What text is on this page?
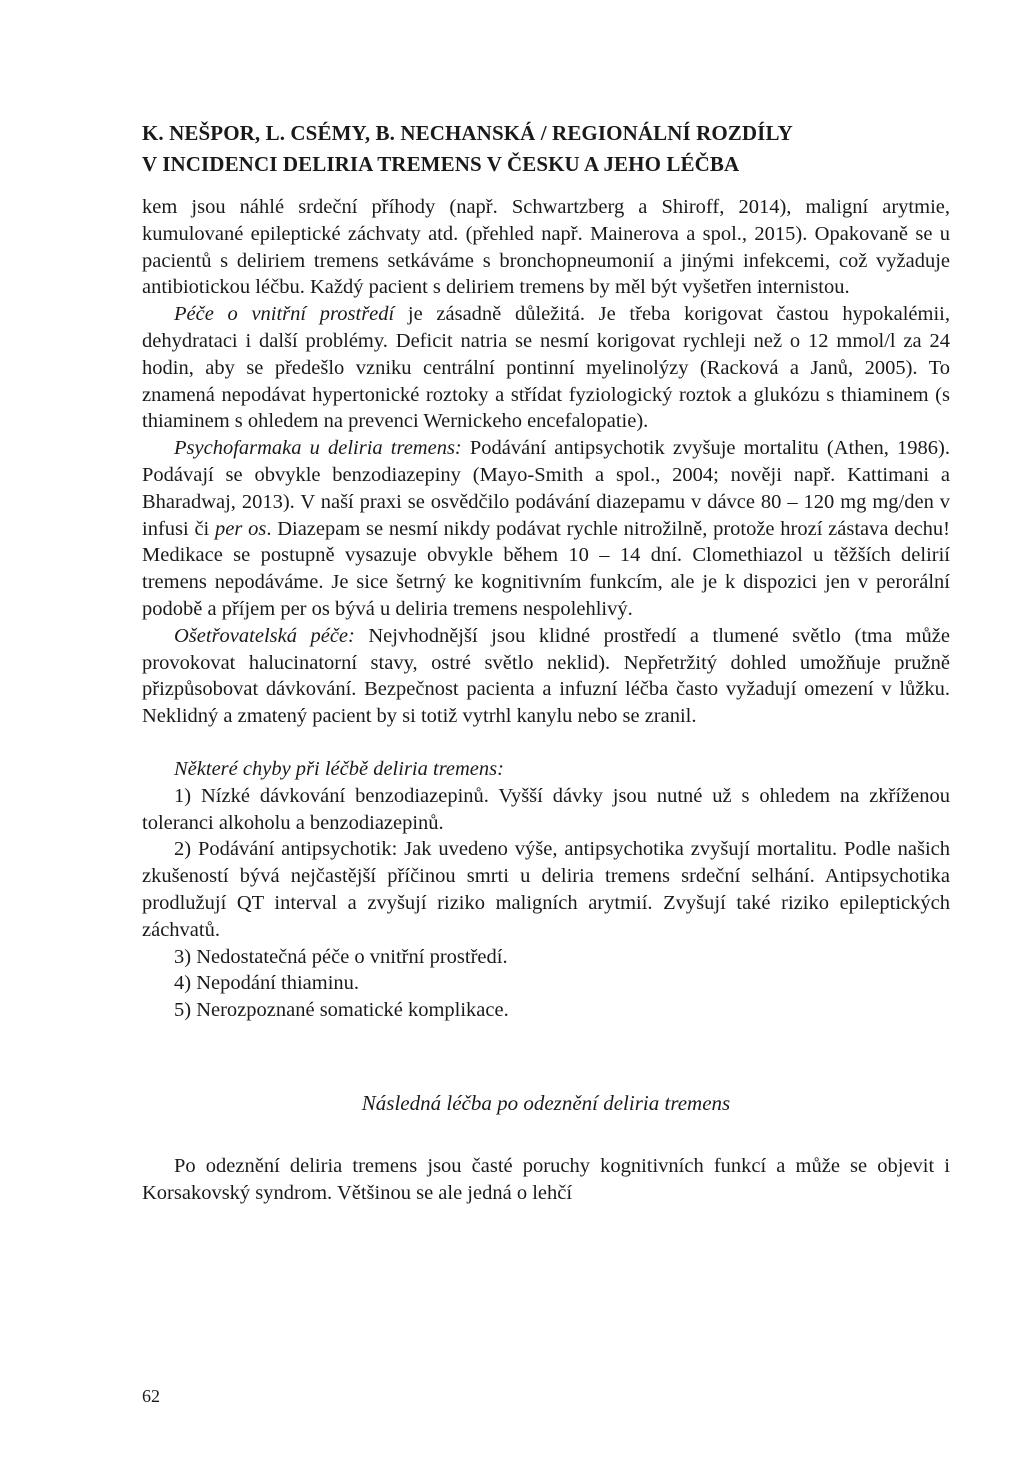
K. NEŠPOR, L. CSÉMY, B. NECHANSKÁ / REGIONÁLNÍ ROZDÍLY
V INCIDENCI DELIRIA TREMENS V ČESKU A JEHO LÉČBA

kem jsou náhlé srdeční příhody (např. Schwartzberg a Shiroff, 2014), maligní arytmie, kumulované epileptické záchvaty atd. (přehled např. Mainerova a spol., 2015). Opakovaně se u pacientů s deliriem tremens setkáváme s bronchopneumonií a jinými infekcemi, což vyžaduje antibiotickou léčbu. Každý pacient s deliriem tremens by měl být vyšetřen internistou.

Péče o vnitřní prostředí je zásadně důležitá. Je třeba korigovat častou hypokalémii, dehydrataci i další problémy. Deficit natria se nesmí korigovat rychleji než o 12 mmol/l za 24 hodin, aby se předešlo vzniku centrální pontinní myelinolýzy (Racková a Janů, 2005). To znamená nepodávat hypertonické roztoky a střídat fyziologický roztok a glukózu s thiaminem (s thiaminem s ohledem na prevenci Wernickeho encefalopatie).

Psychofarmaka u deliria tremens: Podávání antipsychotik zvyšuje mortalitu (Athen, 1986). Podávají se obvykle benzodiazepiny (Mayo-Smith a spol., 2004; nověji např. Kattimani a Bharadwaj, 2013). V naší praxi se osvědčilo podávání diazepamu v dávce 80 – 120 mg mg/den v infusi či per os. Diazepam se nesmí nikdy podávat rychle nitrožilně, protože hrozí zástava dechu! Medikace se postupně vysazuje obvykle během 10 – 14 dní. Clomethiazol u těžších delirií tremens nepodáváme. Je sice šetrný ke kognitivním funkcím, ale je k dispozici jen v perorální podobě a příjem per os bývá u deliria tremens nespolehlivý.

Ošetřovatelská péče: Nejvhodnější jsou klidné prostředí a tlumené světlo (tma může provokovat halucinatorní stavy, ostré světlo neklid). Nepřetržitý dohled umožňuje pružně přizpůsobovat dávkování. Bezpečnost pacienta a infuzní léčba často vyžadují omezení v lůžku. Neklidný a zmatený pacient by si totiž vytrhl kanylu nebo se zranil.

Některé chyby při léčbě deliria tremens:

1) Nízké dávkování benzodiazepinů. Vyšší dávky jsou nutné už s ohledem na zkříženou toleranci alkoholu a benzodiazepinů.

2) Podávání antipsychotik: Jak uvedeno výše, antipsychotika zvyšují mortalitu. Podle našich zkušeností bývá nejčastější příčinou smrti u deliria tremens srdeční selhání. Antipsychotika prodlužují QT interval a zvyšují riziko maligních arytmií. Zvyšují také riziko epileptických záchvatů.

3) Nedostatečná péče o vnitřní prostředí.

4) Nepodání thiaminu.

5) Nerozpoznané somatické komplikace.

Následná léčba po odeznění deliria tremens

Po odeznění deliria tremens jsou časté poruchy kognitivních funkcí a může se objevit i Korsakovský syndrom. Většinou se ale jedná o lehčí

62
